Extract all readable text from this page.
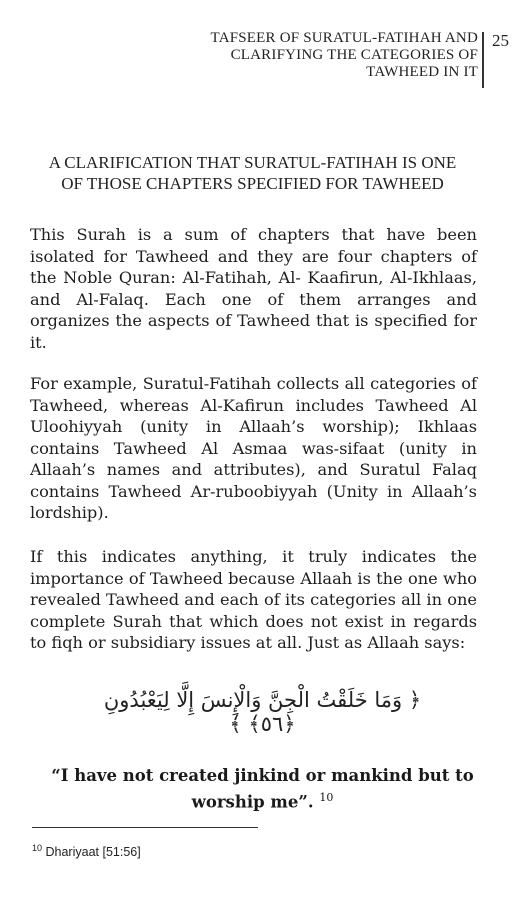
TAFSEER OF SURATUL-FATIHAH AND
CLARIFYING THE CATEGORIES OF
TAWHEED IN IT
25
A CLARIFICATION THAT SURATUL-FATIHAH IS ONE
OF THOSE CHAPTERS SPECIFIED FOR TAWHEED

This Surah is a sum of chapters that have been isolated for Tawheed and they are four chapters of the Noble Quran: Al-Fatihah, Al- Kaafirun, Al-Ikhlaas, and Al-Falaq. Each one of them arranges and organizes the aspects of Tawheed that is specified for it.

For example, Suratul-Fatihah collects all categories of Tawheed, whereas Al-Kafirun includes Tawheed Al Uloohiyyah (unity in Allaah’s worship); Ikhlaas contains Tawheed Al Asmaa was-sifaat (unity in Allaah’s names and attributes), and Suratul Falaq contains Tawheed Ar-ruboobiyyah (Unity in Allaah’s lordship).

If this indicates anything, it truly indicates the importance of Tawheed because Allaah is the one who revealed Tawheed and each of its categories all in one complete Surah that which does not exist in regards to fiqh or subsidiary issues at all. Just as Allaah says:

﴿ وَمَا خَلَقْتُ الْجِنَّ وَالْإِنسَ إِلَّا لِيَعْبُدُونِ ﴿٥٦﴾ ﴾
“I have not created jinkind or mankind but to
worship me”. $^{10}$
$^{10}$ Dhariyaat [51:56]
